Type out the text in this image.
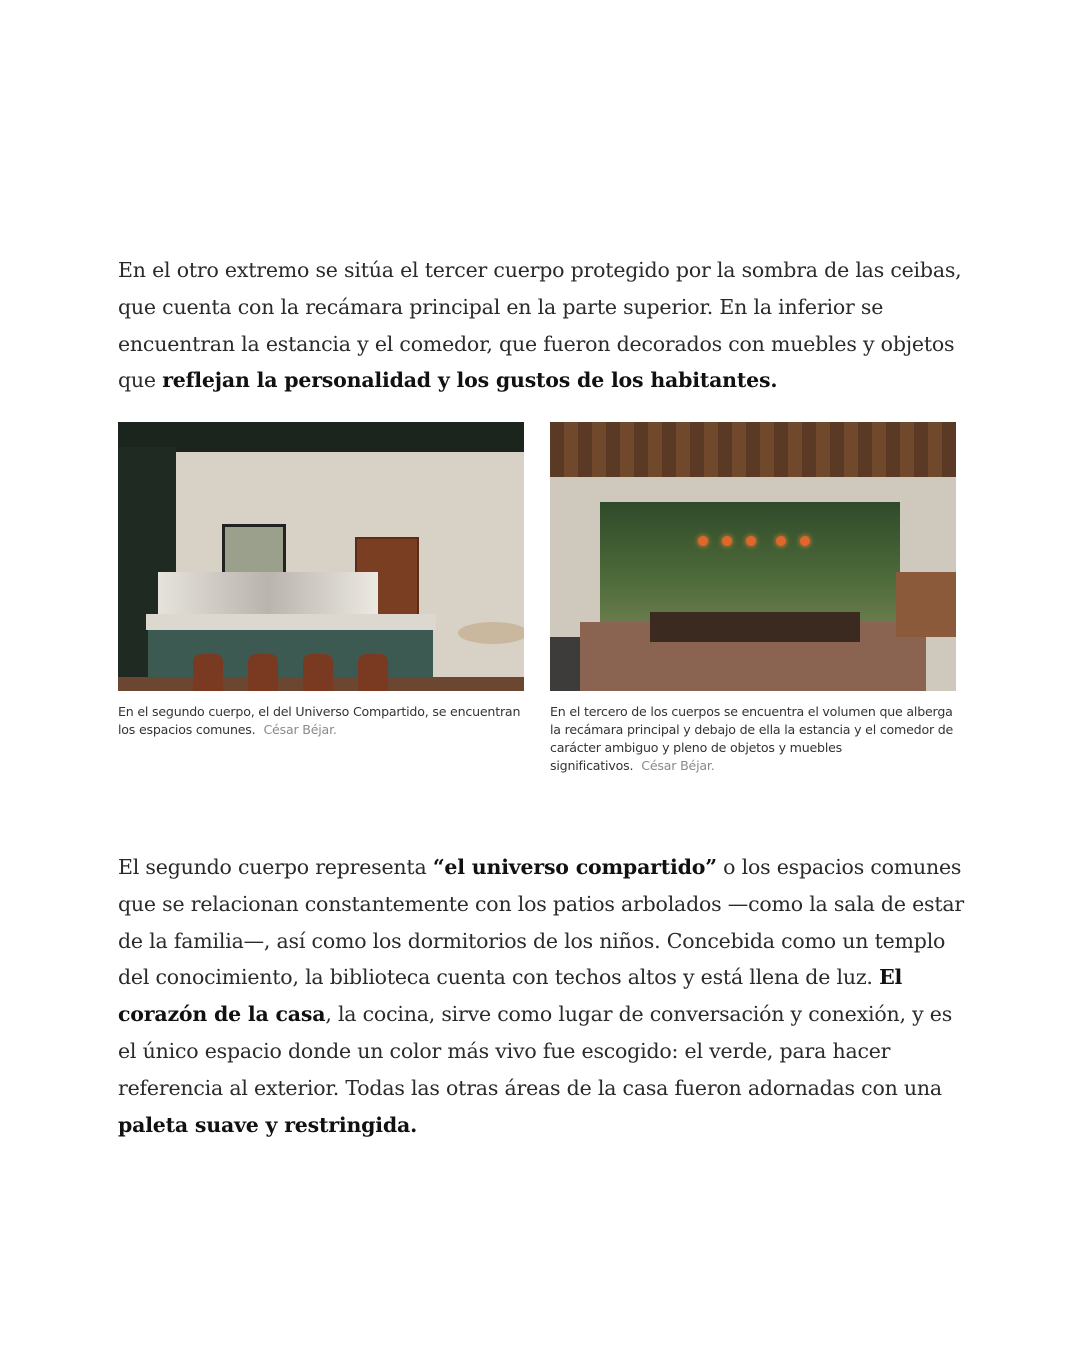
En el otro extremo se sitúa el tercer cuerpo protegido por la sombra de las ceibas, que cuenta con la recámara principal en la parte superior. En la inferior se encuentran la estancia y el comedor, que fueron decorados con muebles y objetos que reflejan la personalidad y los gustos de los habitantes.

En el segundo cuerpo, el del Universo Compartido, se encuentran los espacios comunes. César Béjar.
En el tercero de los cuerpos se encuentra el volumen que alberga la recámara principal y debajo de ella la estancia y el comedor de carácter ambiguo y pleno de objetos y muebles significativos. César Béjar.

El segundo cuerpo representa “el universo compartido” o los espacios comunes que se relacionan constantemente con los patios arbolados —como la sala de estar de la familia—, así como los dormitorios de los niños. Concebida como un templo del conocimiento, la biblioteca cuenta con techos altos y está llena de luz. El corazón de la casa, la cocina, sirve como lugar de conversación y conexión, y es el único espacio donde un color más vivo fue escogido: el verde, para hacer referencia al exterior. Todas las otras áreas de la casa fueron adornadas con una paleta suave y restringida.
